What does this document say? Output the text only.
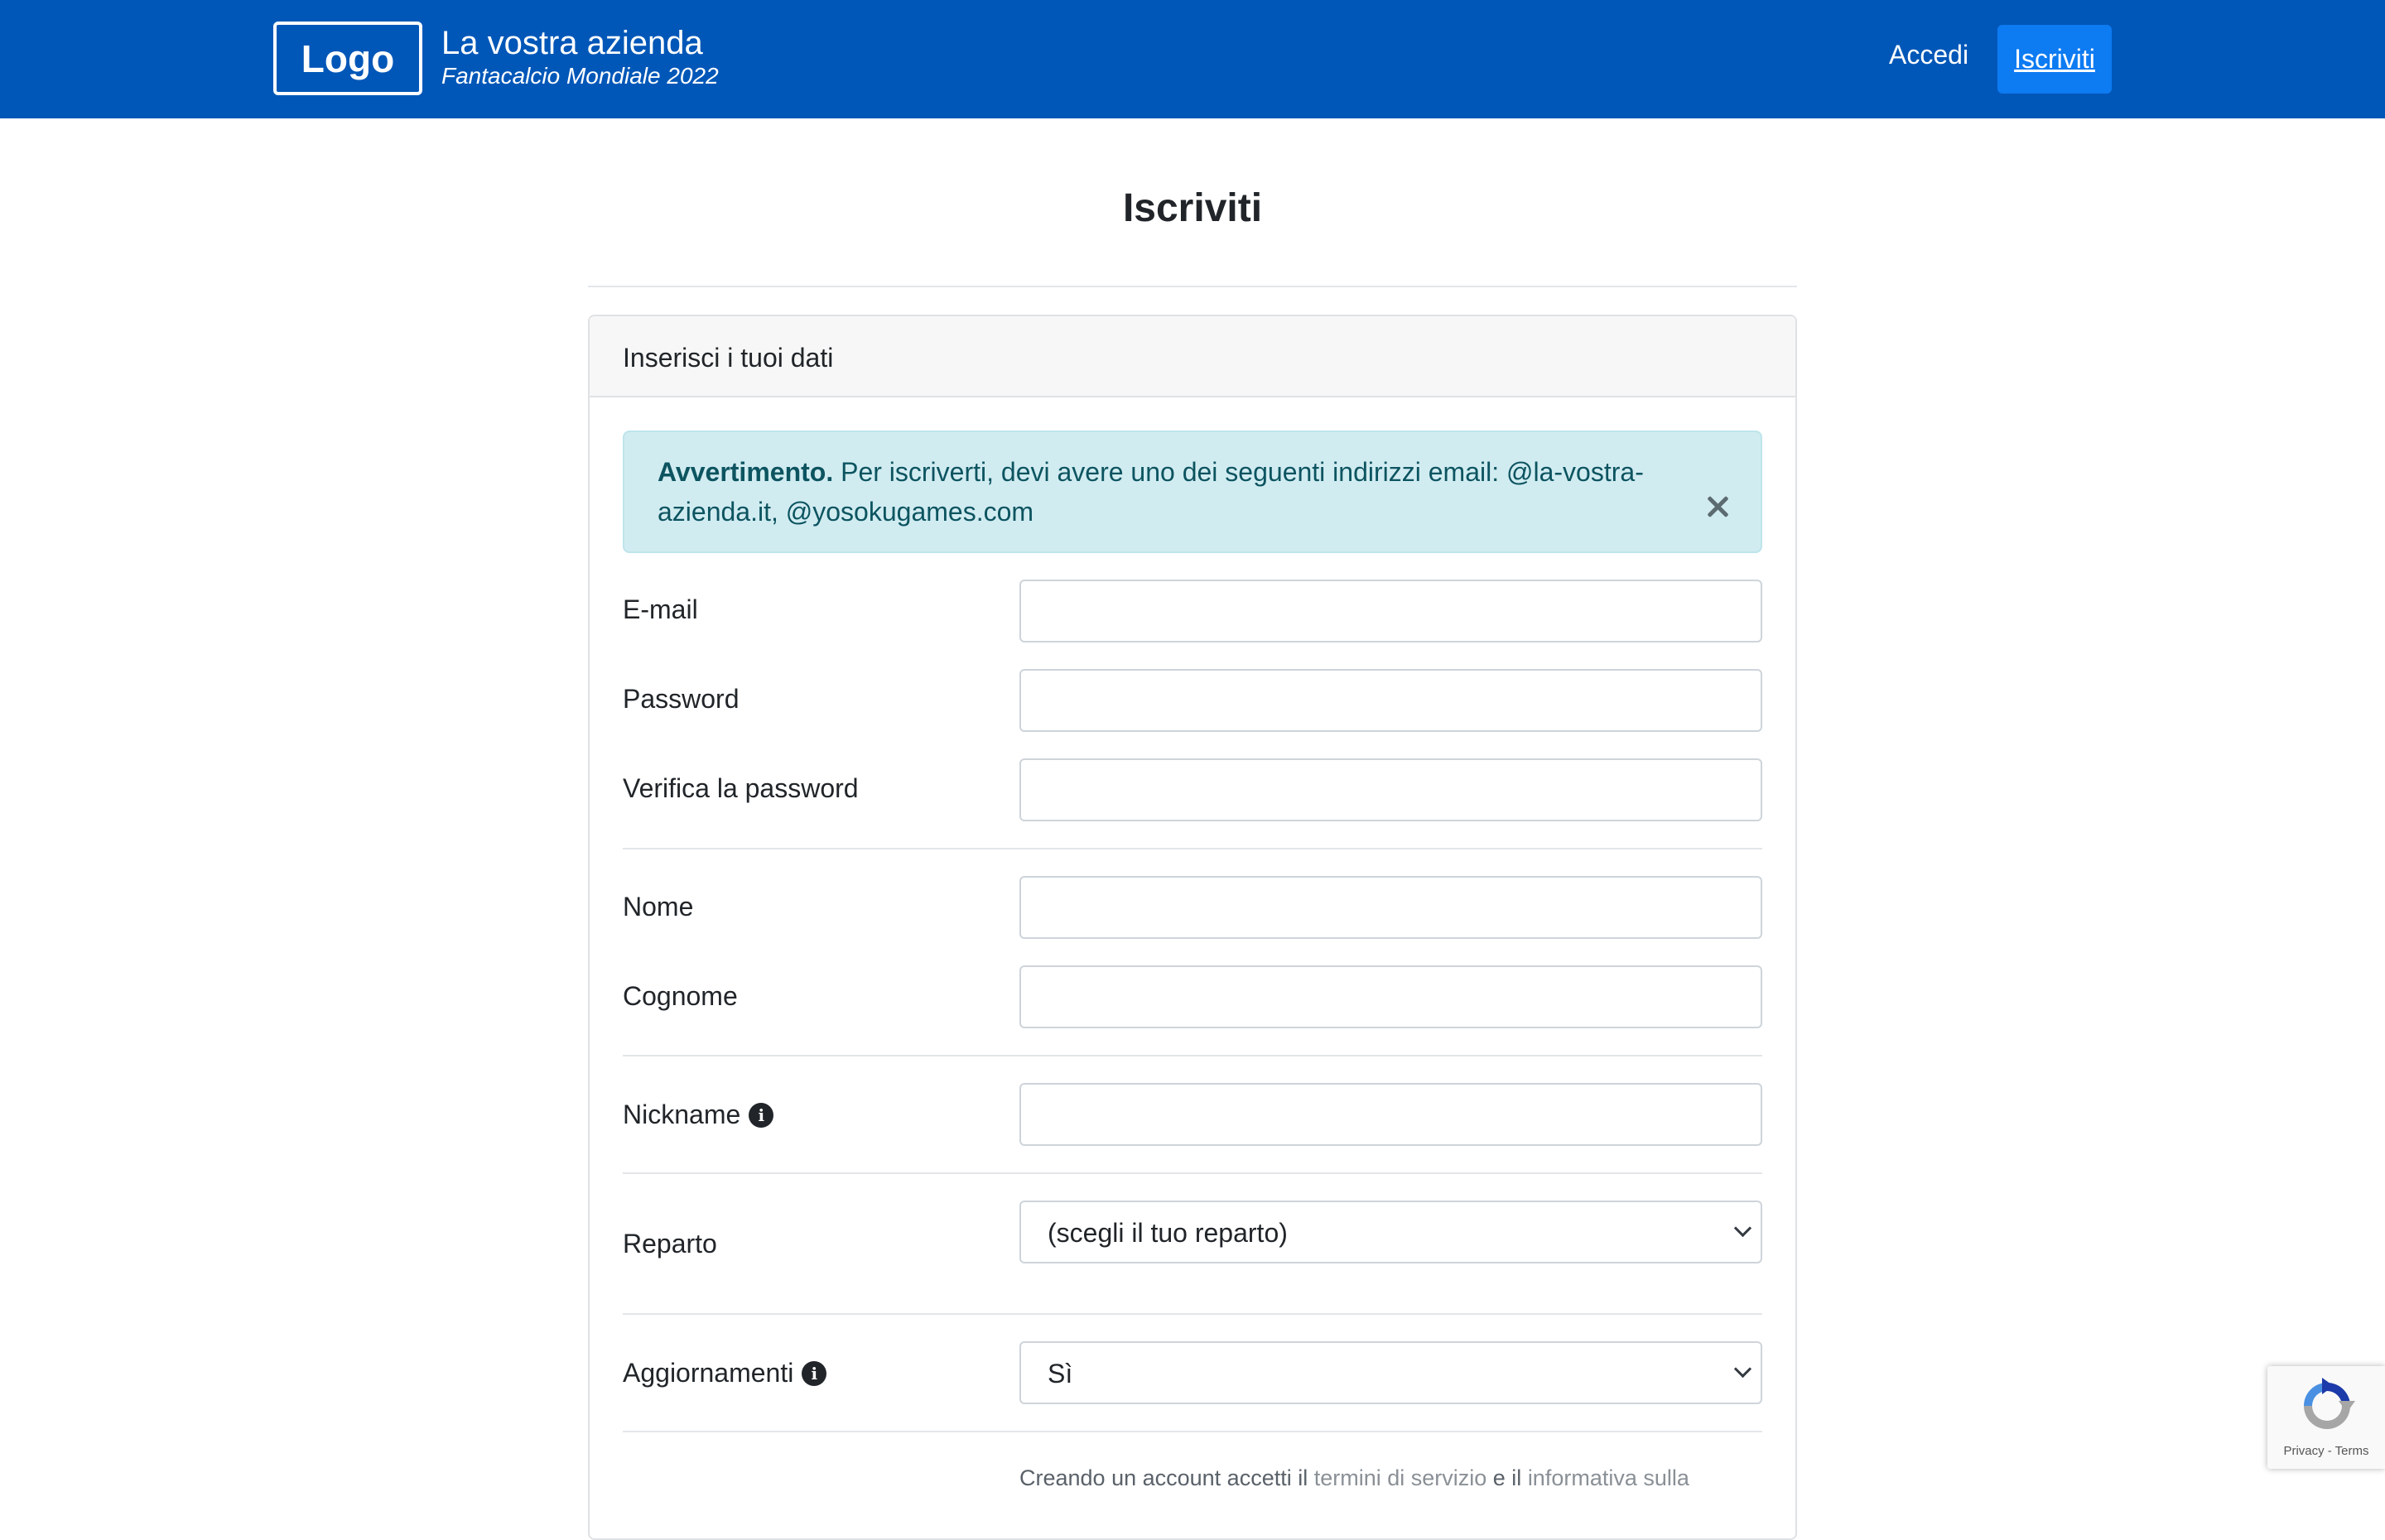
Logo	La vostra azienda
Fantacalcio Mondiale 2022
Accedi	Iscriviti
Iscriviti
Inserisci i tuoi dati
Avvertimento. Per iscriverti, devi avere uno dei seguenti indirizzi email: @la-vostra-azienda.it, @yosokugames.com
E-mail
Password
Verifica la password
Nome
Cognome
Nickname	i
Reparto	(scegli il tuo reparto)
Aggiornamenti	i	Sì
Creando un account accetti il termini di servizio e il informativa sulla
Privacy - Terms
